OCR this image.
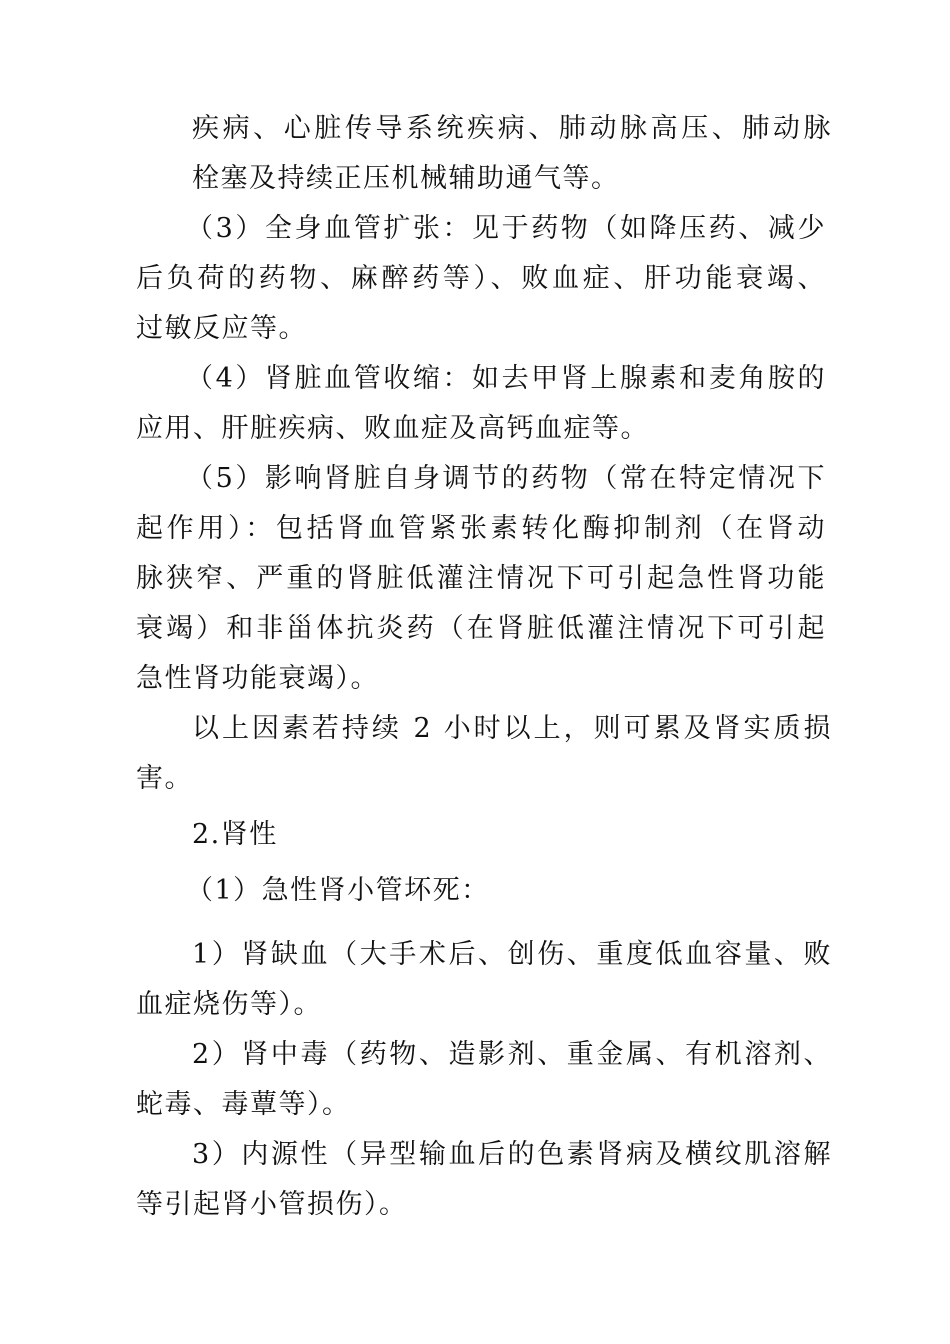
疾病、心脏传导系统疾病、肺动脉高压、肺动脉
栓塞及持续正压机械辅助通气等。
（3）全身血管扩张：见于药物（如降压药、减少
后负荷的药物、麻醉药等）、败血症、肝功能衰竭、
过敏反应等。
（4）肾脏血管收缩：如去甲肾上腺素和麦角胺的
应用、肝脏疾病、败血症及高钙血症等。
（5）影响肾脏自身调节的药物（常在特定情况下
起作用）：包括肾血管紧张素转化酶抑制剂（在肾动
脉狭窄、严重的肾脏低灌注情况下可引起急性肾功能
衰竭）和非甾体抗炎药（在肾脏低灌注情况下可引起
急性肾功能衰竭）。
以上因素若持续 2 小时以上，则可累及肾实质损
害。
2.肾性
（1）急性肾小管坏死：
1）肾缺血（大手术后、创伤、重度低血容量、败
血症烧伤等）。
2）肾中毒（药物、造影剂、重金属、有机溶剂、
蛇毒、毒蕈等）。
3）内源性（异型输血后的色素肾病及横纹肌溶解
等引起肾小管损伤）。
